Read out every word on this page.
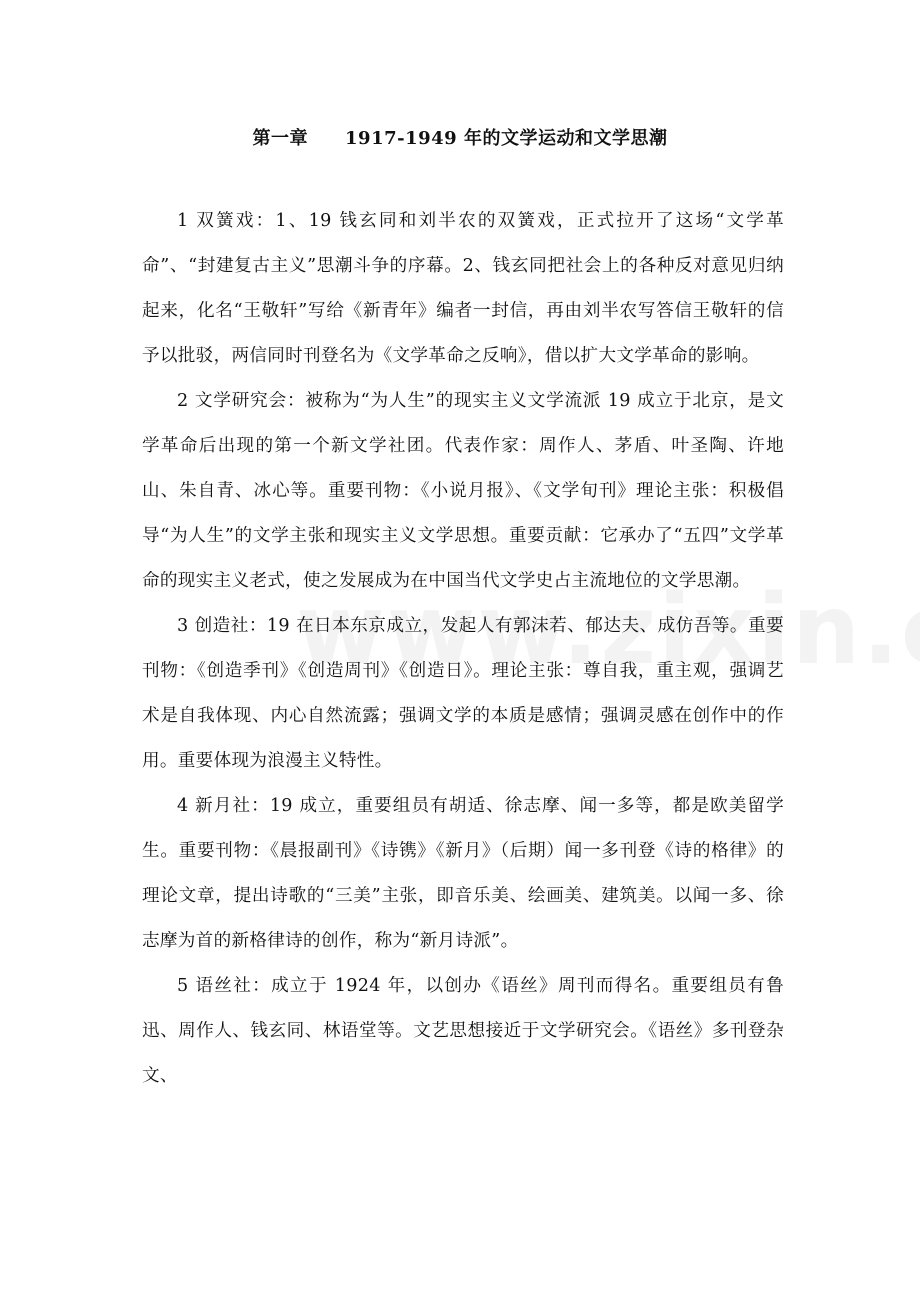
第一章　　1917-1949 年的文学运动和文学思潮

1 双簧戏：1、19 钱玄同和刘半农的双簧戏，正式拉开了这场“文学革命”、“封建复古主义”思潮斗争的序幕。2、钱玄同把社会上的各种反对意见归纳起来，化名“王敬轩”写给《新青年》编者一封信，再由刘半农写答信王敬轩的信予以批驳，两信同时刊登名为《文学革命之反响》，借以扩大文学革命的影响。

2 文学研究会：被称为“为人生”的现实主义文学流派 19 成立于北京，是文学革命后出现的第一个新文学社团。代表作家：周作人、茅盾、叶圣陶、许地山、朱自青、冰心等。重要刊物：《小说月报》、《文学旬刊》理论主张：积极倡导“为人生”的文学主张和现实主义文学思想。重要贡献：它承办了“五四”文学革命的现实主义老式，使之发展成为在中国当代文学史占主流地位的文学思潮。

3 创造社：19 在日本东京成立，发起人有郭沫若、郁达夫、成仿吾等。重要刊物：《创造季刊》《创造周刊》《创造日》。理论主张：尊自我，重主观，强调艺术是自我体现、内心自然流露；强调文学的本质是感情；强调灵感在创作中的作用。重要体现为浪漫主义特性。

4 新月社：19 成立，重要组员有胡适、徐志摩、闻一多等，都是欧美留学生。重要刊物：《晨报副刊》《诗镌》《新月》（后期）闻一多刊登《诗的格律》的理论文章，提出诗歌的“三美”主张，即音乐美、绘画美、建筑美。以闻一多、徐志摩为首的新格律诗的创作，称为“新月诗派”。

5 语丝社：成立于 1924 年，以创办《语丝》周刊而得名。重要组员有鲁迅、周作人、钱玄同、林语堂等。文艺思想接近于文学研究会。《语丝》多刊登杂文、
